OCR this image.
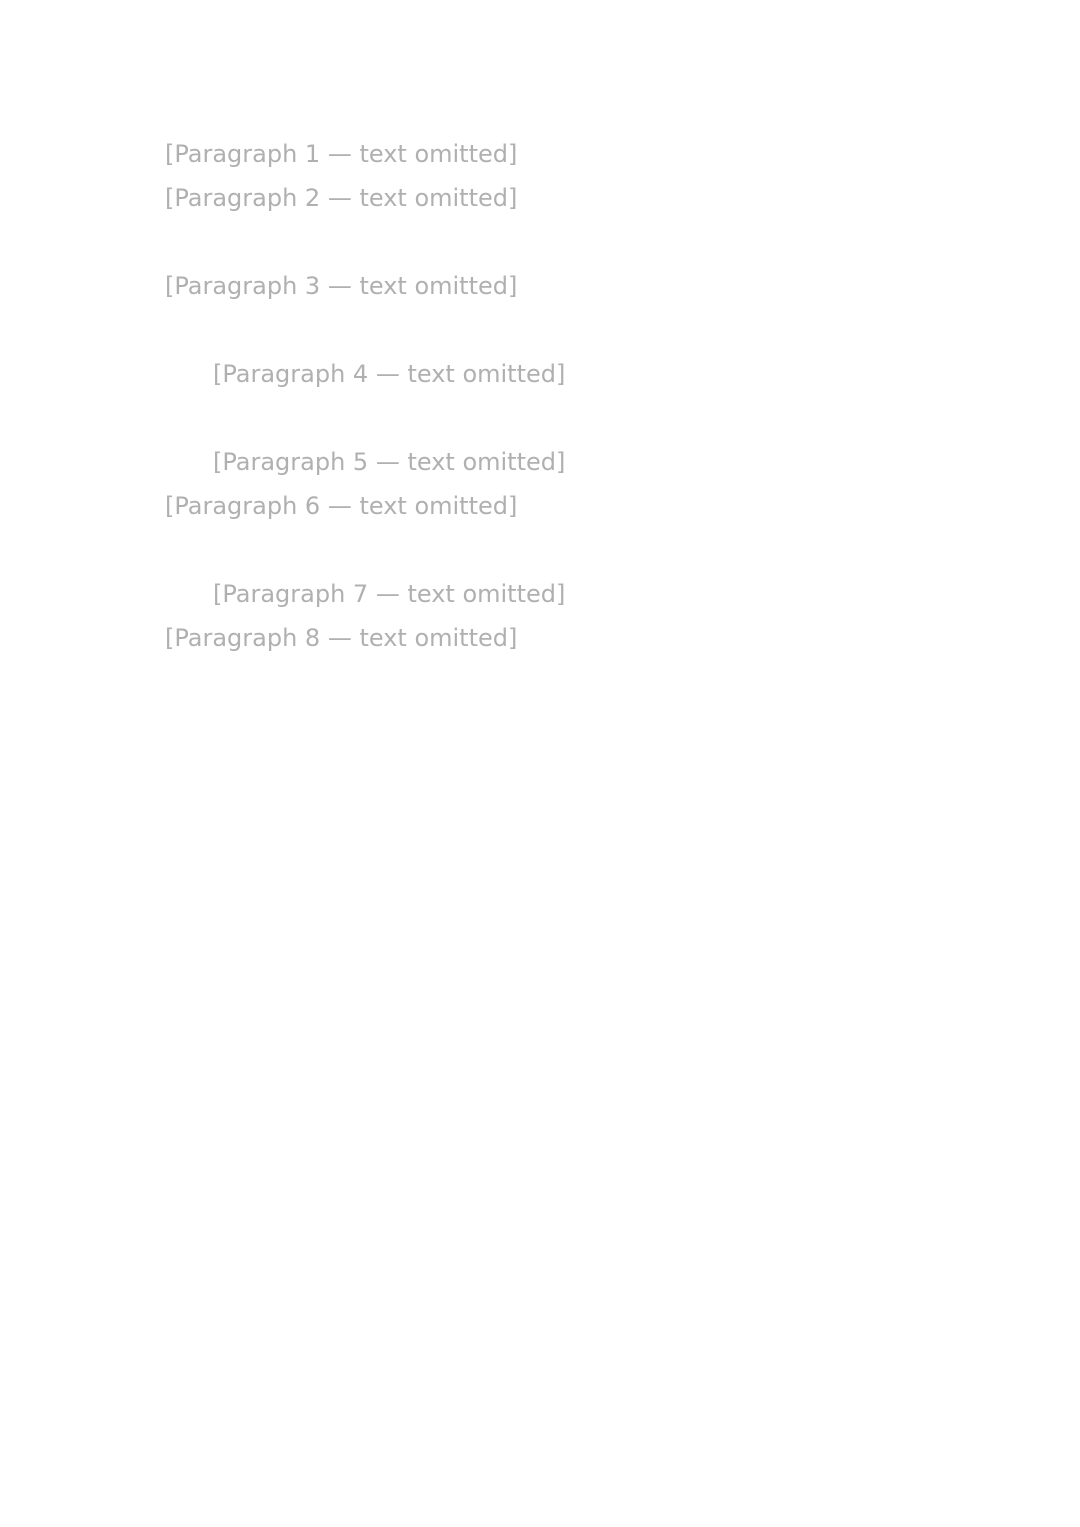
[Paragraph 1 — text omitted]

[Paragraph 2 — text omitted]

[Paragraph 3 — text omitted]

[Paragraph 4 — text omitted]

[Paragraph 5 — text omitted]

[Paragraph 6 — text omitted]

[Paragraph 7 — text omitted]

[Paragraph 8 — text omitted]
